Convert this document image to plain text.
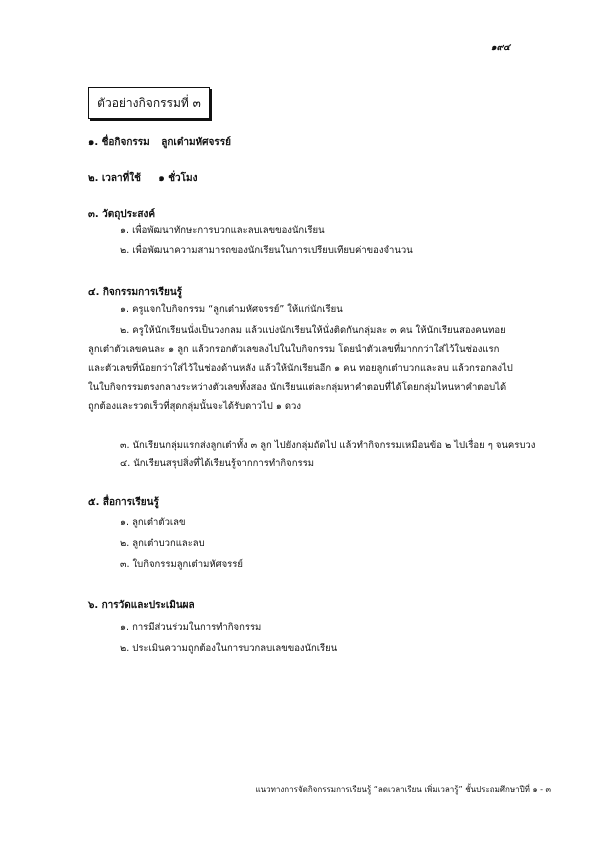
๑๙๔
ตัวอย่างกิจกรรมที่ ๓
๑. ชื่อกิจกรรม ลูกเต๋ามหัศจรรย์
๒. เวลาที่ใช้ ๑ ชั่วโมง
๓. วัตถุประสงค์
๑. เพื่อพัฒนาทักษะการบวกและลบเลขของนักเรียน
๒. เพื่อพัฒนาความสามารถของนักเรียนในการเปรียบเทียบค่าของจำนวน
๔. กิจกรรมการเรียนรู้
๑. ครูแจกใบกิจกรรม “ลูกเต๋ามหัศจรรย์” ให้แก่นักเรียน
๒. ครูให้นักเรียนนั่งเป็นวงกลม แล้วแบ่งนักเรียนให้นั่งติดกันกลุ่มละ ๓ คน ให้นักเรียนสองคนทอยลูกเต๋าตัวเลขคนละ ๑ ลูก แล้วกรอกตัวเลขลงไปในใบกิจกรรม โดยนำตัวเลขที่มากกว่าใส่ไว้ในช่องแรก และตัวเลขที่น้อยกว่าใส่ไว้ในช่องด้านหลัง แล้วให้นักเรียนอีก ๑ คน ทอยลูกเต๋าบวกและลบ แล้วกรอกลงไปในใบกิจกรรมตรงกลางระหว่างตัวเลขทั้งสอง นักเรียนแต่ละกลุ่มหาคำตอบที่ได้โดยกลุ่มไหนหาคำตอบได้ถูกต้องและรวดเร็วที่สุดกลุ่มนั้นจะได้รับดาวไป ๑ ดวง
๓. นักเรียนกลุ่มแรกส่งลูกเต๋าทั้ง ๓ ลูก ไปยังกลุ่มถัดไป แล้วทำกิจกรรมเหมือนข้อ ๒ ไปเรื่อย ๆ จนครบวง
๔. นักเรียนสรุปสิ่งที่ได้เรียนรู้จากการทำกิจกรรม
๕. สื่อการเรียนรู้
๑. ลูกเต๋าตัวเลข
๒. ลูกเต๋าบวกและลบ
๓. ใบกิจกรรมลูกเต๋ามหัศจรรย์
๖. การวัดและประเมินผล
๑. การมีส่วนร่วมในการทำกิจกรรม
๒. ประเมินความถูกต้องในการบวกลบเลขของนักเรียน
แนวทางการจัดกิจกรรมการเรียนรู้ “ลดเวลาเรียน เพิ่มเวลารู้” ชั้นประถมศึกษาปีที่ ๑ - ๓
